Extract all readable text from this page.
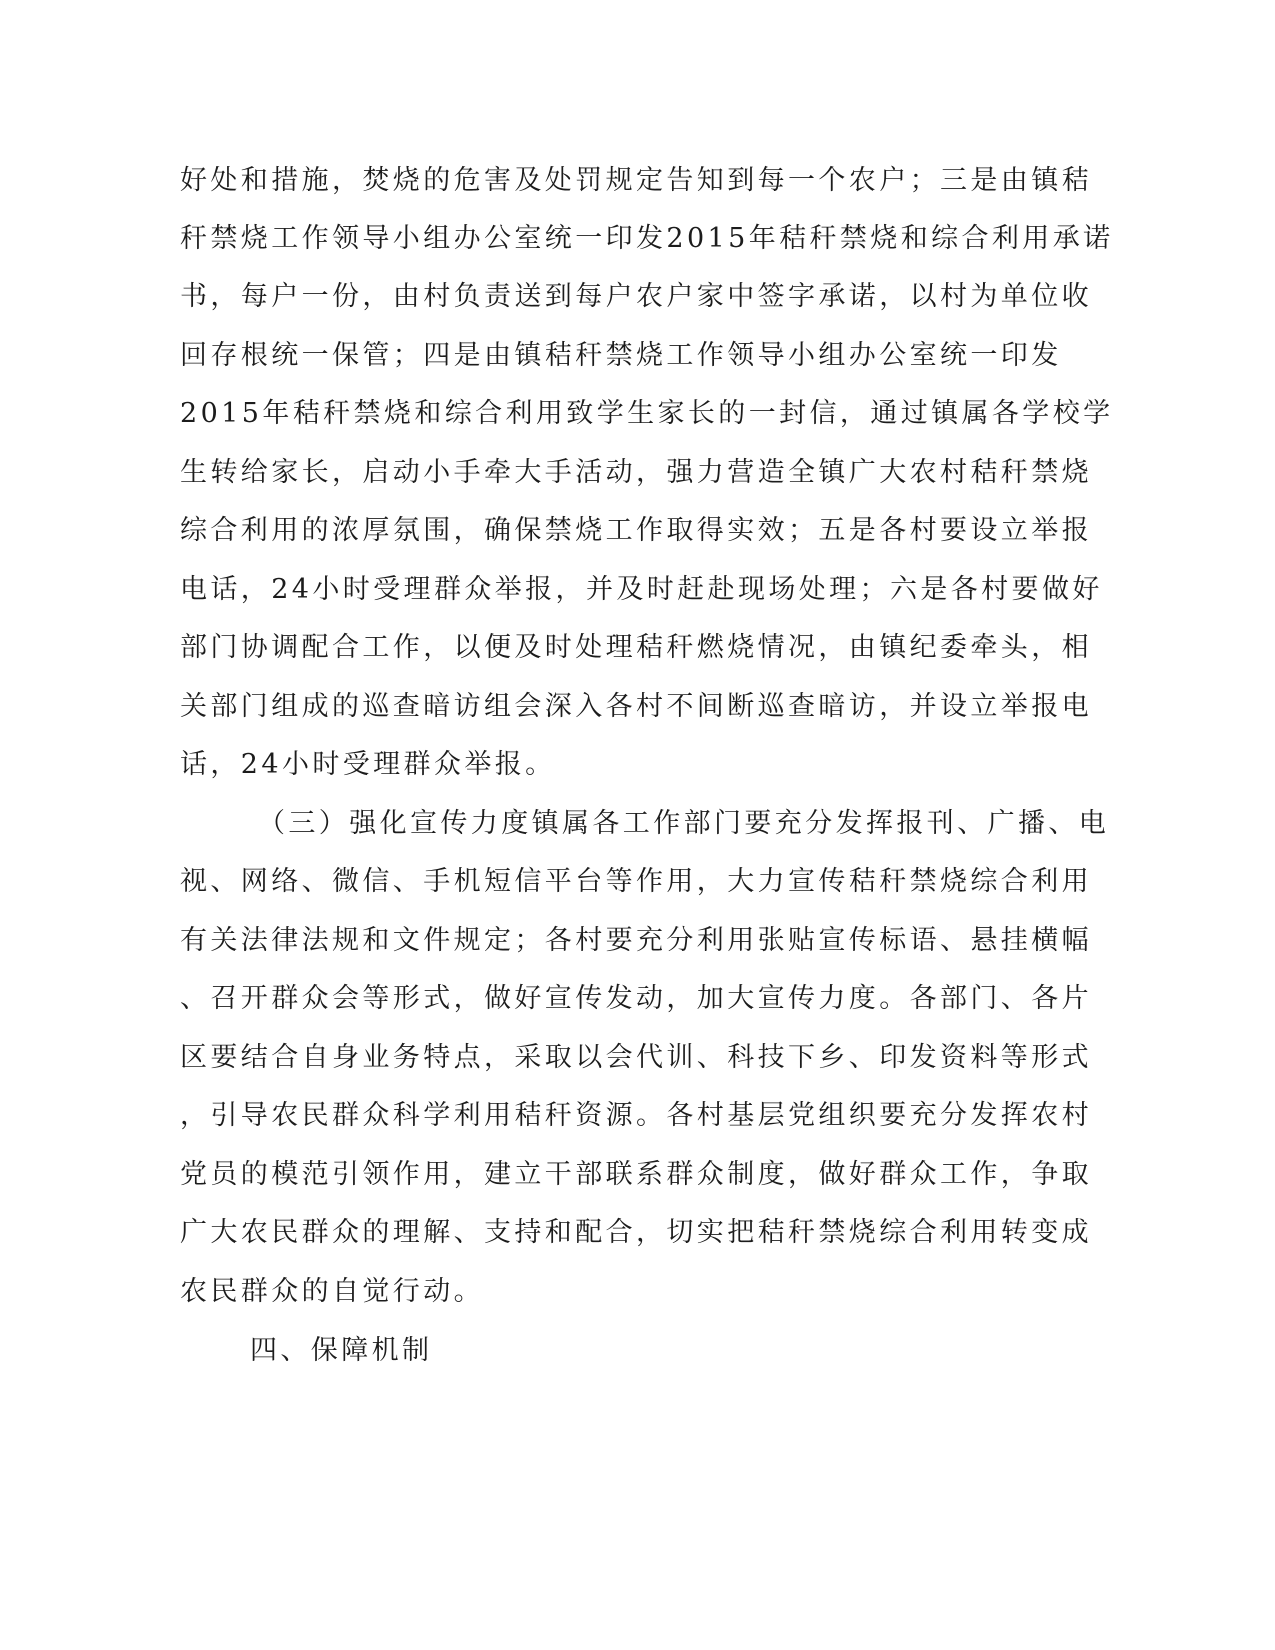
好处和措施，焚烧的危害及处罚规定告知到每一个农户；三是由镇秸
秆禁烧工作领导小组办公室统一印发2015年秸秆禁烧和综合利用承诺
书，每户一份，由村负责送到每户农户家中签字承诺，以村为单位收
回存根统一保管；四是由镇秸秆禁烧工作领导小组办公室统一印发
2015年秸秆禁烧和综合利用致学生家长的一封信，通过镇属各学校学
生转给家长，启动小手牵大手活动，强力营造全镇广大农村秸秆禁烧
综合利用的浓厚氛围，确保禁烧工作取得实效；五是各村要设立举报
电话，24小时受理群众举报，并及时赶赴现场处理；六是各村要做好
部门协调配合工作，以便及时处理秸秆燃烧情况，由镇纪委牵头，相
关部门组成的巡查暗访组会深入各村不间断巡查暗访，并设立举报电
话，24小时受理群众举报。
（三）强化宣传力度镇属各工作部门要充分发挥报刊、广播、电
视、网络、微信、手机短信平台等作用，大力宣传秸秆禁烧综合利用
有关法律法规和文件规定；各村要充分利用张贴宣传标语、悬挂横幅
、召开群众会等形式，做好宣传发动，加大宣传力度。各部门、各片
区要结合自身业务特点，采取以会代训、科技下乡、印发资料等形式
，引导农民群众科学利用秸秆资源。各村基层党组织要充分发挥农村
党员的模范引领作用，建立干部联系群众制度，做好群众工作，争取
广大农民群众的理解、支持和配合，切实把秸秆禁烧综合利用转变成
农民群众的自觉行动。
四、保障机制
